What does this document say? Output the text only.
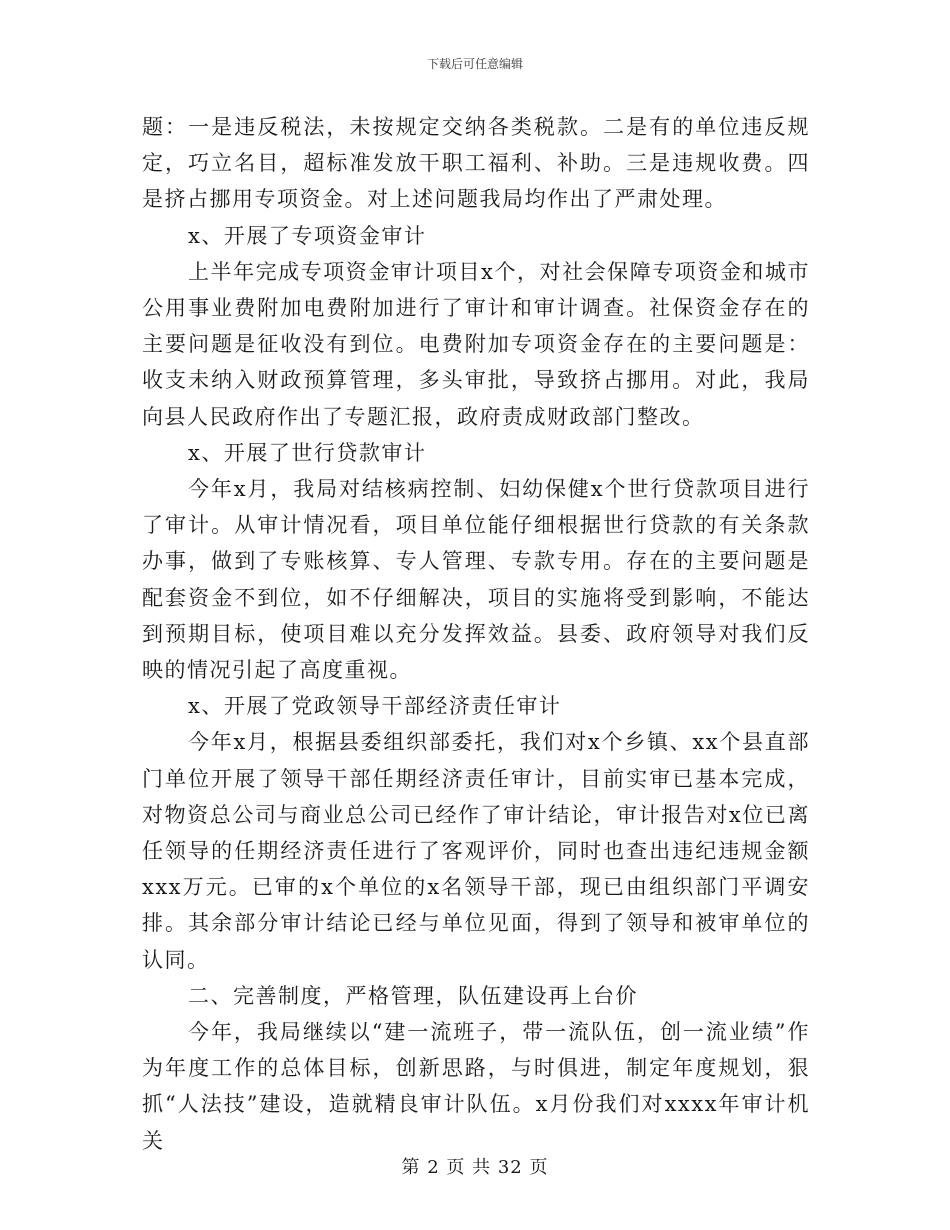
下载后可任意编辑

题：一是违反税法，未按规定交纳各类税款。二是有的单位违反规定，巧立名目，超标准发放干职工福利、补助。三是违规收费。四是挤占挪用专项资金。对上述问题我局均作出了严肃处理。

x、开展了专项资金审计

上半年完成专项资金审计项目x个，对社会保障专项资金和城市公用事业费附加电费附加进行了审计和审计调查。社保资金存在的主要问题是征收没有到位。电费附加专项资金存在的主要问题是：收支未纳入财政预算管理，多头审批，导致挤占挪用。对此，我局向县人民政府作出了专题汇报，政府责成财政部门整改。

x、开展了世行贷款审计

今年x月，我局对结核病控制、妇幼保健x个世行贷款项目进行了审计。从审计情况看，项目单位能仔细根据世行贷款的有关条款办事，做到了专账核算、专人管理、专款专用。存在的主要问题是配套资金不到位，如不仔细解决，项目的实施将受到影响，不能达到预期目标，使项目难以充分发挥效益。县委、政府领导对我们反映的情况引起了高度重视。

x、开展了党政领导干部经济责任审计

今年x月，根据县委组织部委托，我们对x个乡镇、xx个县直部门单位开展了领导干部任期经济责任审计，目前实审已基本完成，对物资总公司与商业总公司已经作了审计结论，审计报告对x位已离任领导的任期经济责任进行了客观评价，同时也查出违纪违规金额xxx万元。已审的x个单位的x名领导干部，现已由组织部门平调安排。其余部分审计结论已经与单位见面，得到了领导和被审单位的认同。

二、完善制度，严格管理，队伍建设再上台价

今年，我局继续以“建一流班子，带一流队伍，创一流业绩”作为年度工作的总体目标，创新思路，与时俱进，制定年度规划，狠抓“人法技”建设，造就精良审计队伍。x月份我们对xxxx年审计机关

第 2 页 共 32 页
